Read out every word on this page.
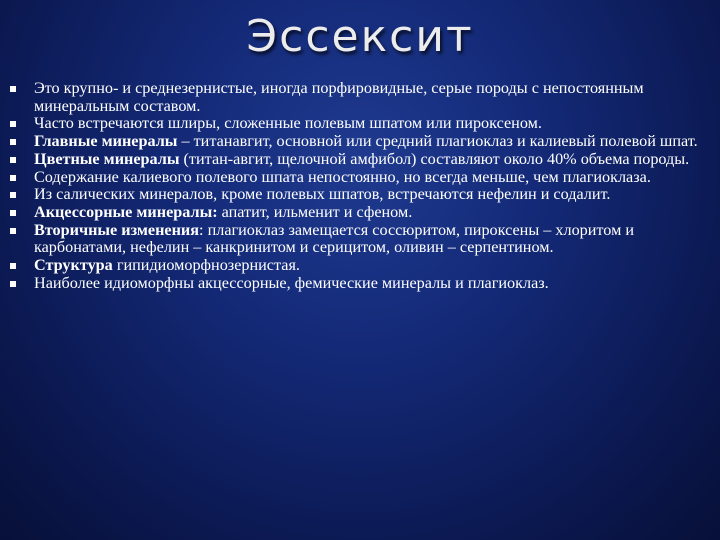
Эссексит
Это крупно- и среднезернистые, иногда порфировидные, серые породы с непостоянным минеральным составом.
Часто встречаются шлиры, сложенные полевым шпатом или пироксеном.
Главные минералы – титанавгит, основной или средний плагиоклаз и калиевый полевой шпат.
Цветные минералы (титан-авгит, щелочной амфибол) составляют около 40% объема породы.
Содержание калиевого полевого шпата непостоянно, но всегда меньше, чем плагиоклаза.
Из салических минералов, кроме полевых шпатов, встречаются нефелин и содалит.
Акцессорные минералы: апатит, ильменит и сфеном.
Вторичные изменения: плагиоклаз замещается соссюритом, пироксены – хлоритом и карбонатами, нефелин – канкринитом и серицитом, оливин – серпентином.
Структура гипидиоморфнозернистая.
Наиболее идиоморфны акцессорные, фемические минералы и плагиоклаз.
